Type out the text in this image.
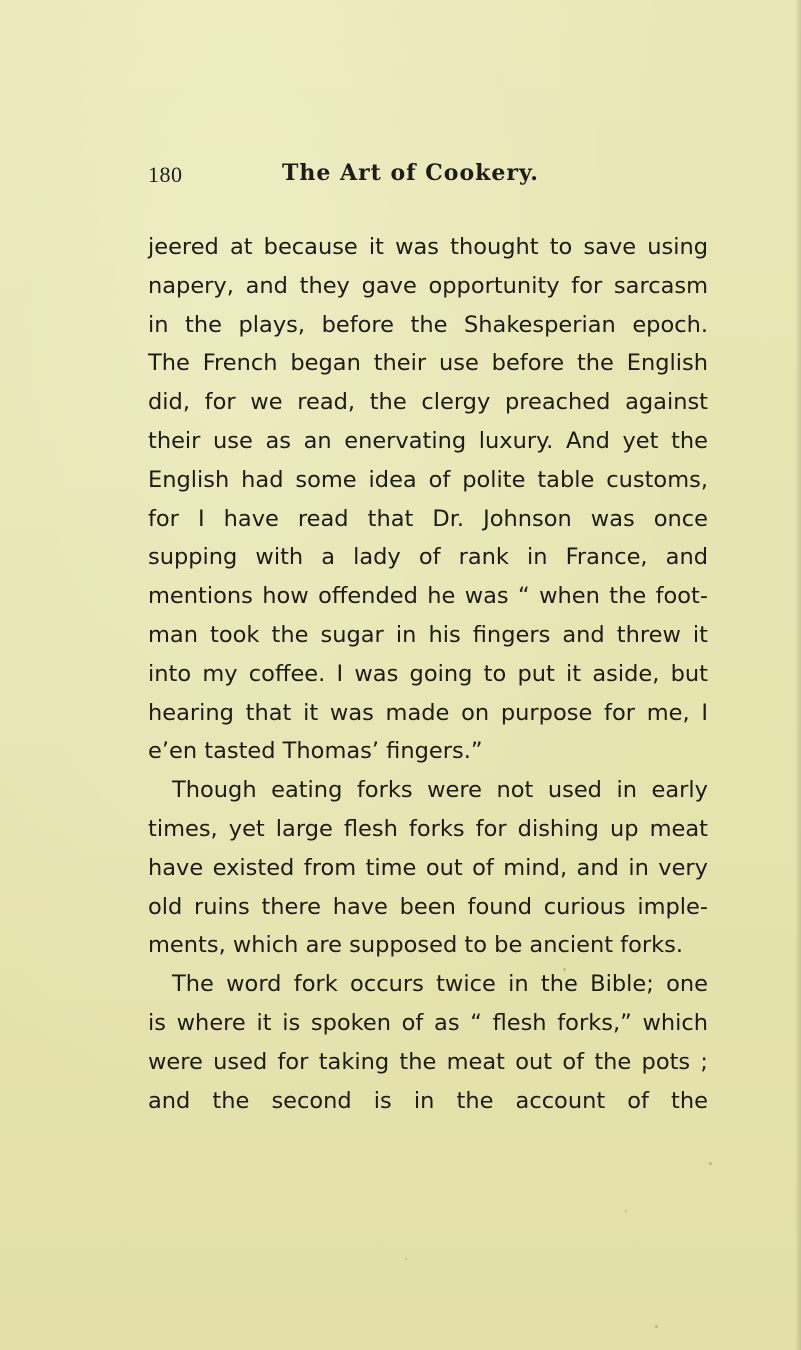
180	The Art of Cookery.
jeered at because it was thought to save using
napery, and they gave opportunity for sarcasm
in the plays, before the Shakesperian epoch.
The French began their use before the English
did, for we read, the clergy preached against
their use as an enervating luxury. And yet the
English had some idea of polite table customs,
for I have read that Dr. Johnson was once
supping with a lady of rank in France, and
mentions how offended he was “ when the foot-
man took the sugar in his fingers and threw it
into my coffee. I was going to put it aside, but
hearing that it was made on purpose for me, I
e’en tasted Thomas’ fingers.”
Though eating forks were not used in early
times, yet large flesh forks for dishing up meat
have existed from time out of mind, and in very
old ruins there have been found curious imple-
ments, which are supposed to be ancient forks.
The word fork occurs twice in the Bible; one
is where it is spoken of as “ flesh forks,” which
were used for taking the meat out of the pots ;
and the second is in the account of the
